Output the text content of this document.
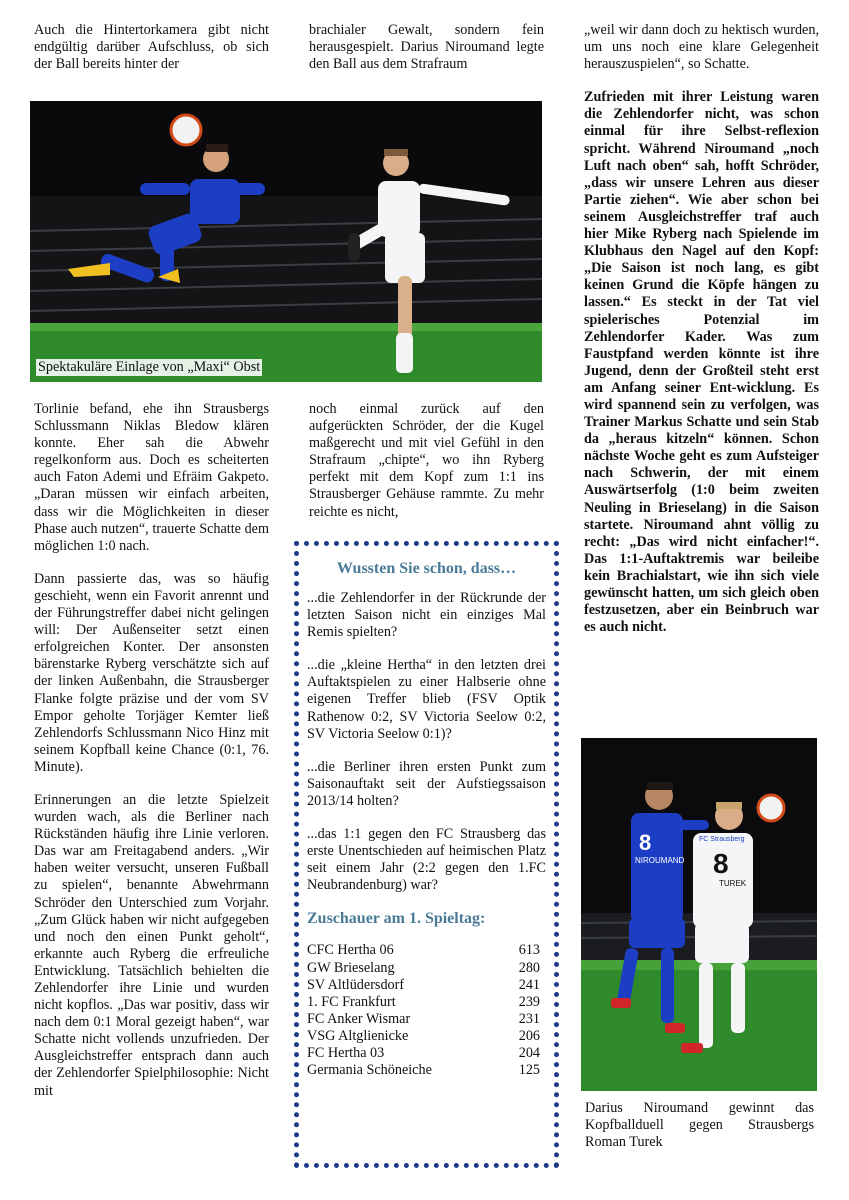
Auch die Hintertorkamera gibt nicht endgültig darüber Aufschluss, ob sich der Ball bereits hinter der

brachialer Gewalt, sondern fein herausgespielt. Darius Niroumand legte den Ball aus dem Strafraum

„weil wir dann doch zu hektisch wurden, um uns noch eine klare Gelegenheit herauszuspielen“, so Schatte.

Zufrieden mit ihrer Leistung waren die Zehlendorfer nicht, was schon einmal für ihre Selbst-reflexion spricht. Während Niroumand „noch Luft nach oben“ sah, hofft Schröder, „dass wir unsere Lehren aus dieser Partie ziehen“. Wie aber schon bei seinem Ausgleichstreffer traf auch hier Mike Ryberg nach Spielende im Klubhaus den Nagel auf den Kopf: „Die Saison ist noch lang, es gibt keinen Grund die Köpfe hängen zu lassen.“ Es steckt in der Tat viel spielerisches Potenzial im Zehlendorfer Kader. Was zum Faustpfand werden könnte ist ihre Jugend, denn der Großteil steht erst am Anfang seiner Ent-wicklung. Es wird spannend sein zu verfolgen, was Trainer Markus Schatte und sein Stab da „heraus kitzeln“ können. Schon nächste Woche geht es zum Aufsteiger nach Schwerin, der mit einem Auswärtserfolg (1:0 beim zweiten Neuling in Brieselang) in die Saison startete. Niroumand ahnt völlig zu recht: „Das wird nicht einfacher!“. Das 1:1-Auftaktremis war beileibe kein Brachialstart, wie ihn sich viele gewünscht hatten, um sich gleich oben festzusetzen, aber ein Beinbruch war es auch nicht.

Spektakuläre Einlage von „Maxi“ Obst

Torlinie befand, ehe ihn Strausbergs Schlussmann Niklas Bledow klären konnte. Eher sah die Abwehr regelkonform aus. Doch es scheiterten auch Faton Ademi und Efräim Gakpeto. „Daran müssen wir einfach arbeiten, dass wir die Möglichkeiten in dieser Phase auch nutzen“, trauerte Schatte dem möglichen 1:0 nach.

Dann passierte das, was so häufig geschieht, wenn ein Favorit anrennt und der Führungstreffer dabei nicht gelingen will: Der Außenseiter setzt einen erfolgreichen Konter. Der ansonsten bärenstarke Ryberg verschätzte sich auf der linken Außenbahn, die Strausberger Flanke folgte präzise und der vom SV Empor geholte Torjäger Kemter ließ Zehlendorfs Schlussmann Nico Hinz mit seinem Kopfball keine Chance (0:1, 76. Minute).

Erinnerungen an die letzte Spielzeit wurden wach, als die Berliner nach Rückständen häufig ihre Linie verloren. Das war am Freitagabend anders. „Wir haben weiter versucht, unseren Fußball zu spielen“, benannte Abwehrmann Schröder den Unterschied zum Vorjahr. „Zum Glück haben wir nicht aufgegeben und noch den einen Punkt geholt“, erkannte auch Ryberg die erfreuliche Entwicklung. Tatsächlich behielten die Zehlendorfer ihre Linie und wurden nicht kopflos. „Das war positiv, dass wir nach dem 0:1 Moral gezeigt haben“, war Schatte nicht vollends unzufrieden. Der Ausgleichstreffer entsprach dann auch der Zehlendorfer Spielphilosophie: Nicht mit

noch einmal zurück auf den aufgerückten Schröder, der die Kugel maßgerecht und mit viel Gefühl in den Strafraum „chipte“, wo ihn Ryberg perfekt mit dem Kopf zum 1:1 ins Strausberger Gehäuse rammte. Zu mehr reichte es nicht,

Wussten Sie schon, dass…

...die Zehlendorfer in der Rückrunde der letzten Saison nicht ein einziges Mal Remis spielten?

...die „kleine Hertha“ in den letzten drei Auftaktspielen zu einer Halbserie ohne eigenen Treffer blieb (FSV Optik Rathenow 0:2, SV Victoria Seelow 0:2, SV Victoria Seelow 0:1)?

...die Berliner ihren ersten Punkt zum Saisonauftakt seit der Aufstiegssaison 2013/14 holten?

...das 1:1 gegen den FC Strausberg das erste Unentschieden auf heimischen Platz seit einem Jahr (2:2 gegen den 1.FC Neubrandenburg) war?

Zuschauer am 1. Spieltag:
CFC Hertha 06	613
GW Brieselang	280
SV Altlüdersdorf	241
1. FC Frankfurt	239
FC Anker Wismar	231
VSG Altglienicke	206
FC Hertha 03	204
Germania Schöneiche	125
8
NIROUMAND
FC Strausberg
8
TUREK
Darius Niroumand gewinnt das Kopfballduell gegen Strausbergs Roman Turek
